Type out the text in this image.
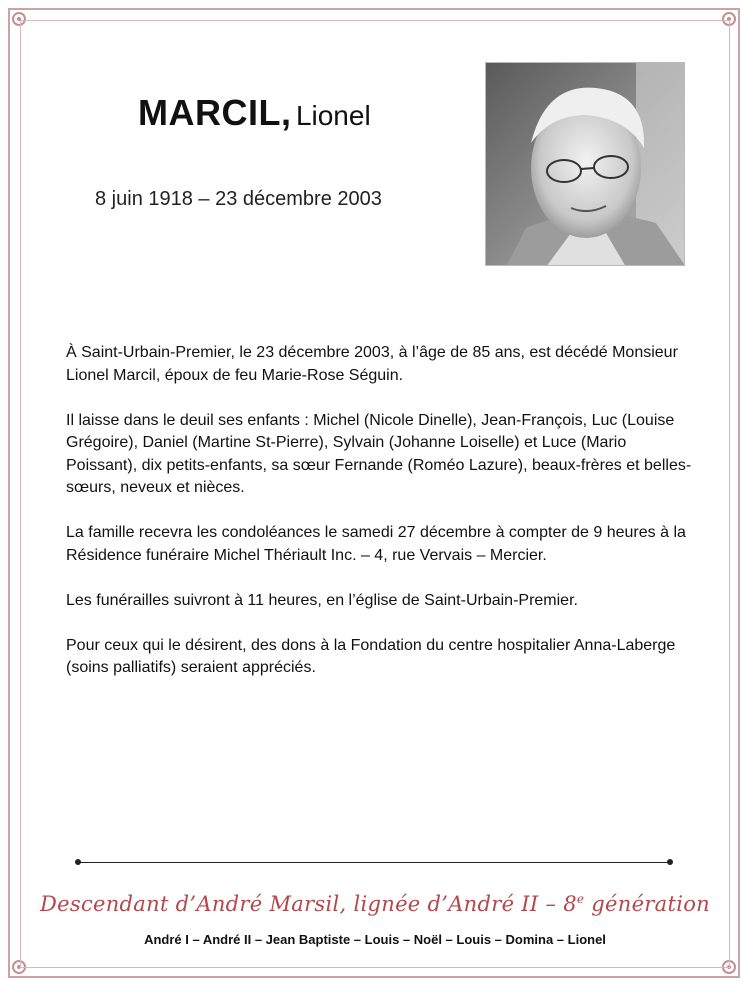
MARCIL, Lionel
8 juin 1918 – 23 décembre 2003

À Saint-Urbain-Premier, le 23 décembre 2003, à l’âge de 85 ans, est décédé Monsieur Lionel Marcil, époux de feu Marie-Rose Séguin.

Il laisse dans le deuil ses enfants : Michel (Nicole Dinelle), Jean-François, Luc (Louise Grégoire), Daniel (Martine St-Pierre), Sylvain (Johanne Loiselle) et Luce (Mario Poissant), dix petits-enfants, sa sœur Fernande (Roméo Lazure), beaux-frères et belles-sœurs, neveux et nièces.

La famille recevra les condoléances le samedi 27 décembre à compter de 9 heures à la Résidence funéraire Michel Thériault Inc. – 4, rue Vervais – Mercier.

Les funérailles suivront à 11 heures, en l’église de Saint-Urbain-Premier.

Pour ceux qui le désirent, des dons à la Fondation du centre hospitalier Anna-Laberge (soins palliatifs) seraient appréciés.

Descendant d’André Marsil, lignée d’André II – 8e génération
André I – André II – Jean Baptiste – Louis – Noël – Louis – Domina – Lionel
